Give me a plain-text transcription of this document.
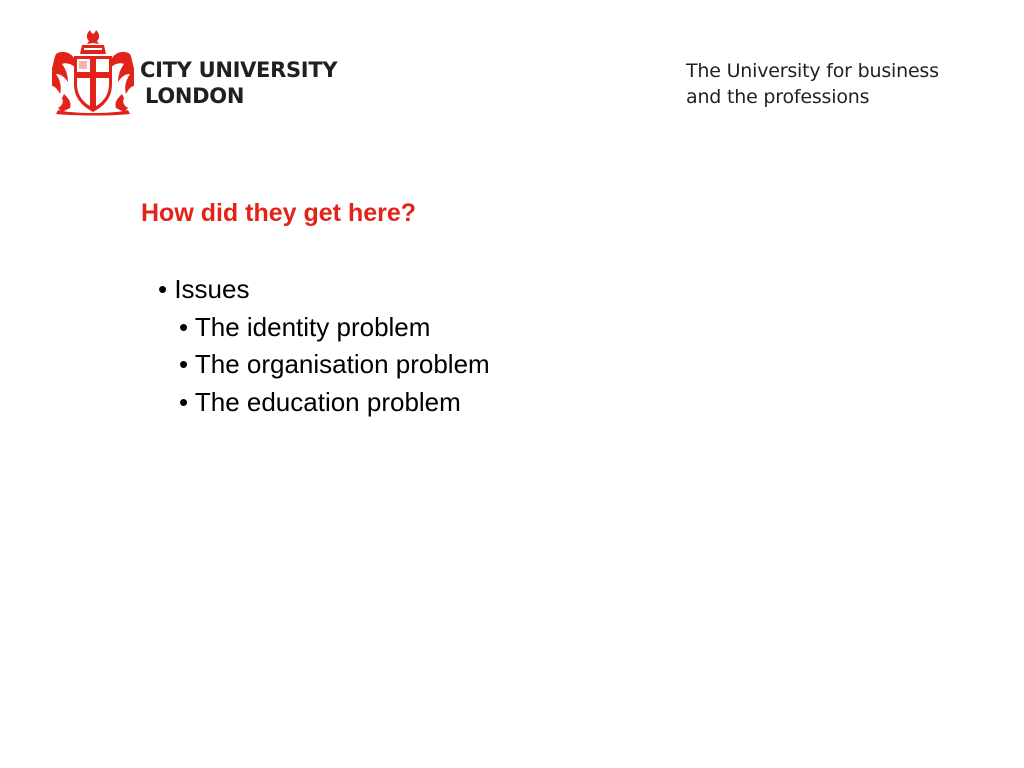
CITY UNIVERSITY
LONDON
The University for business
and the professions
How did they get here?
• Issues
• The identity problem
• The organisation problem
• The education problem
